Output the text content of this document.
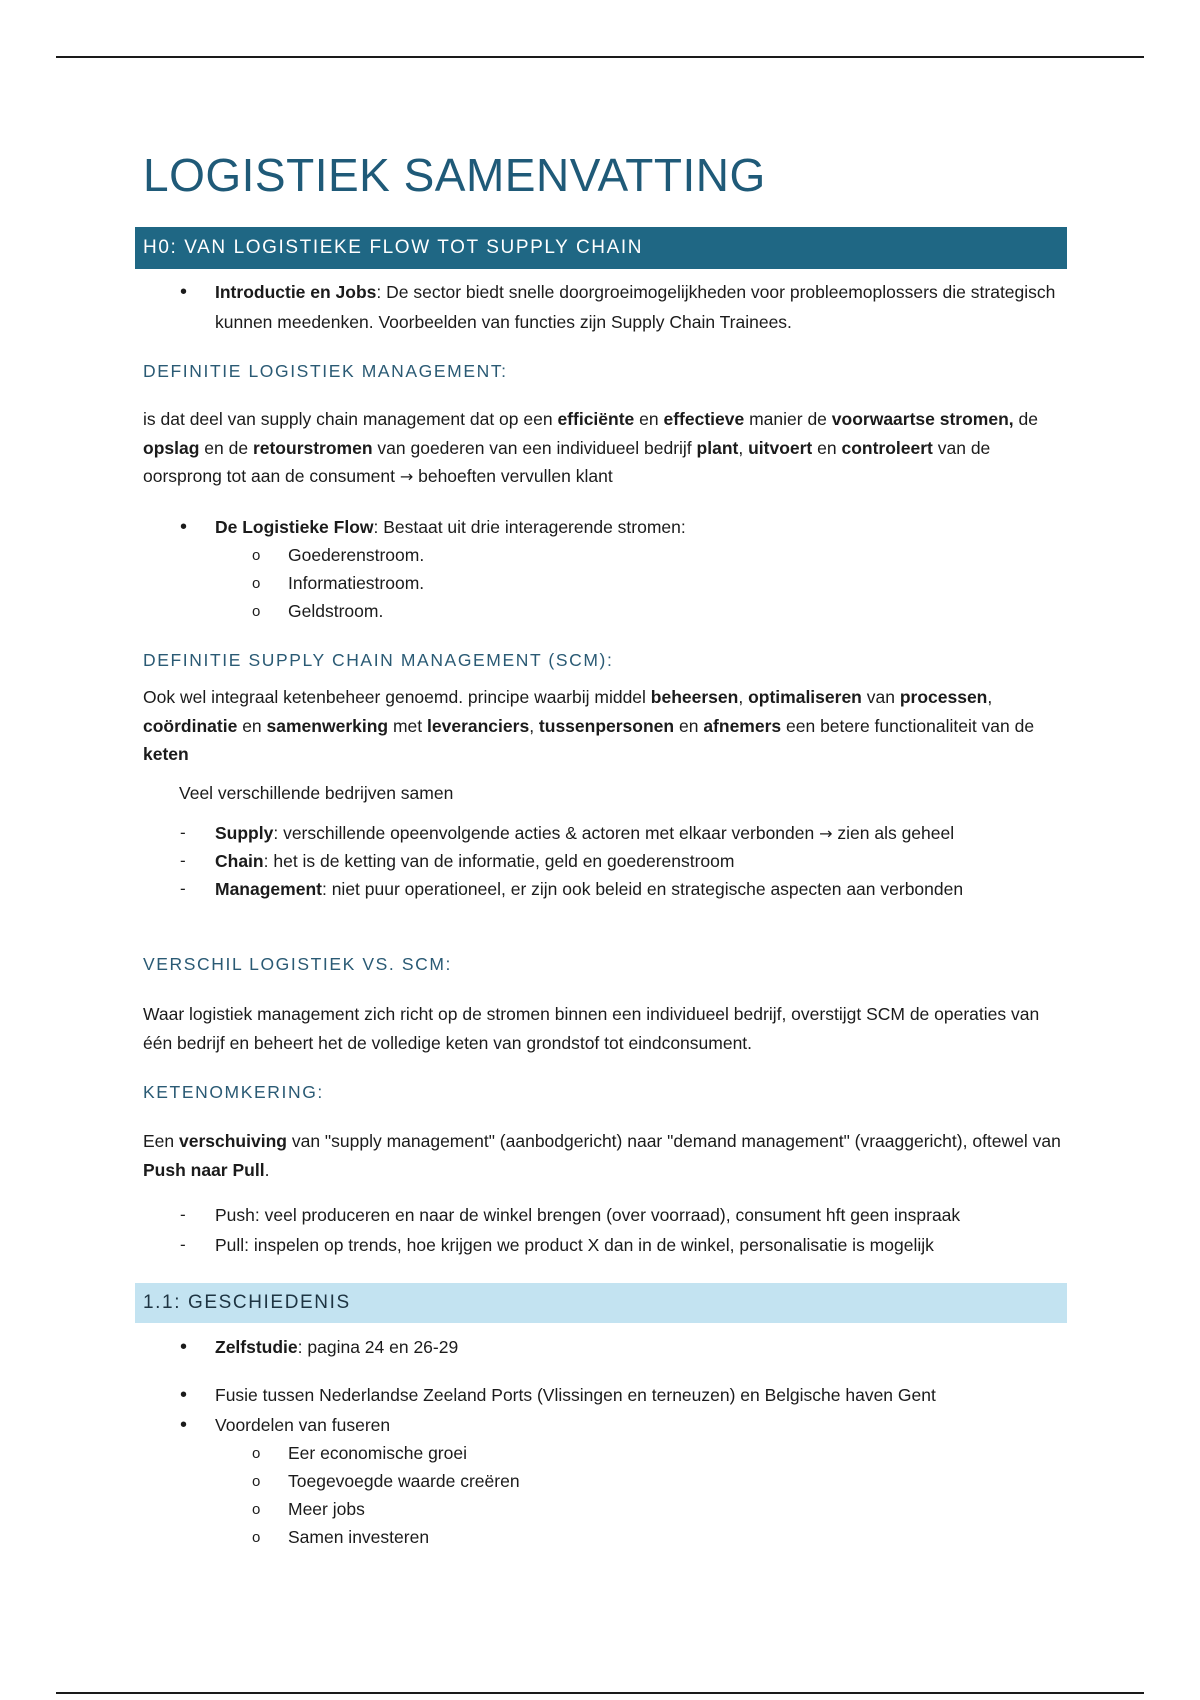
LOGISTIEK SAMENVATTING
H0: VAN LOGISTIEKE FLOW TOT SUPPLY CHAIN
•
Introductie en Jobs: De sector biedt snelle doorgroeimogelijkheden voor probleemoplossers die strategisch kunnen meedenken. Voorbeelden van functies zijn Supply Chain Trainees.
DEFINITIE LOGISTIEK MANAGEMENT:
is dat deel van supply chain management dat op een efficiënte en effectieve manier de voorwaartse stromen, de opslag en de retourstromen van goederen van een individueel bedrijf plant, uitvoert en controleert van de oorsprong tot aan de consument → behoeften vervullen klant
•
De Logistieke Flow: Bestaat uit drie interagerende stromen:
o
Goederenstroom.
o
Informatiestroom.
o
Geldstroom.
DEFINITIE SUPPLY CHAIN MANAGEMENT (SCM):
Ook wel integraal ketenbeheer genoemd. principe waarbij middel beheersen, optimaliseren van processen, coördinatie en samenwerking met leveranciers, tussenpersonen en afnemers een betere functionaliteit van de keten
Veel verschillende bedrijven samen
-
Supply: verschillende opeenvolgende acties & actoren met elkaar verbonden → zien als geheel
-
Chain: het is de ketting van de informatie, geld en goederenstroom
-
Management: niet puur operationeel, er zijn ook beleid en strategische aspecten aan verbonden
VERSCHIL LOGISTIEK VS. SCM:
Waar logistiek management zich richt op de stromen binnen een individueel bedrijf, overstijgt SCM de operaties van één bedrijf en beheert het de volledige keten van grondstof tot eindconsument.
KETENOMKERING:
Een verschuiving van "supply management" (aanbodgericht) naar "demand management" (vraaggericht), oftewel van Push naar Pull.
-
Push: veel produceren en naar de winkel brengen (over voorraad), consument hft geen inspraak
-
Pull: inspelen op trends, hoe krijgen we product X dan in de winkel, personalisatie is mogelijk
1.1: GESCHIEDENIS
•
Zelfstudie: pagina 24 en 26-29
•
Fusie tussen Nederlandse Zeeland Ports (Vlissingen en terneuzen) en Belgische haven Gent
•
Voordelen van fuseren
o
Eer economische groei
o
Toegevoegde waarde creëren
o
Meer jobs
o
Samen investeren
